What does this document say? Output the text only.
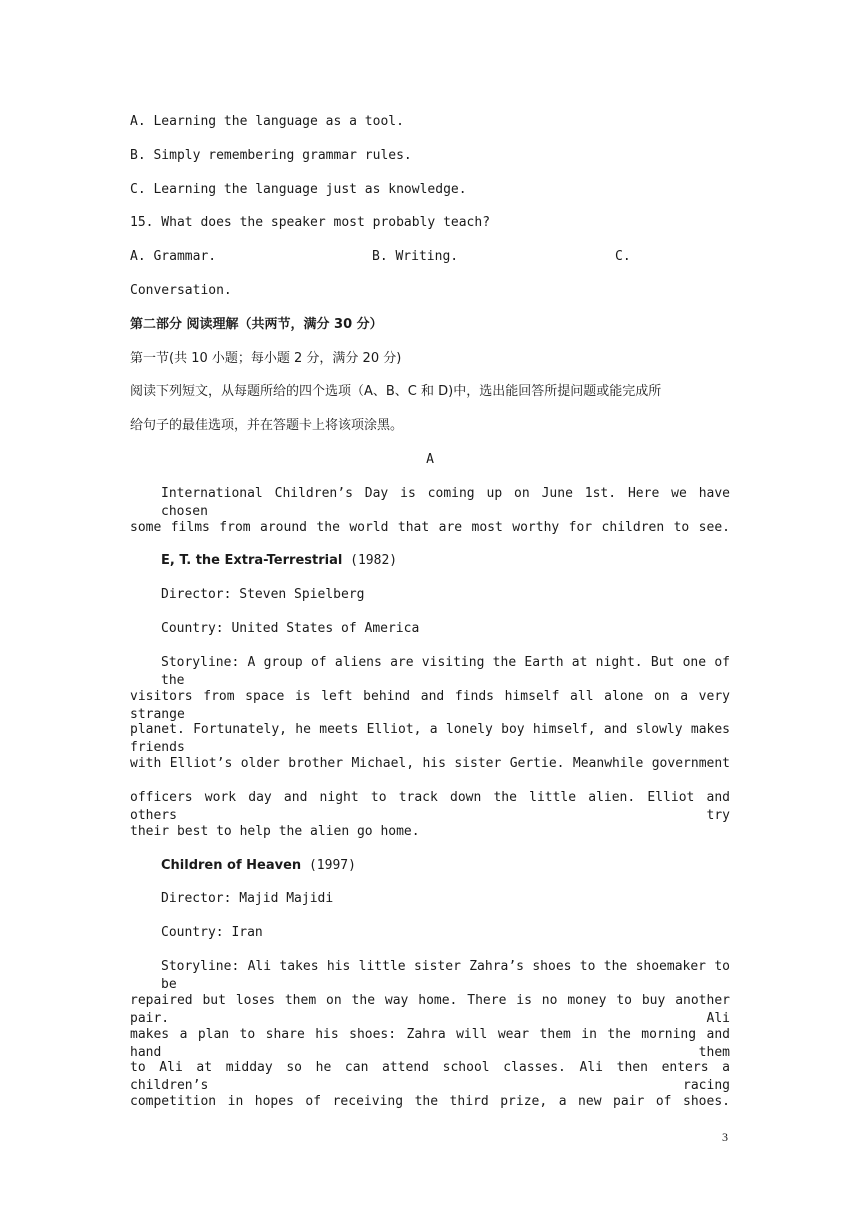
A. Learning the language as a tool.
B. Simply remembering grammar rules.
C. Learning the language just as knowledge.
15. What does the speaker most probably teach?
A. Grammar.	B. Writing.	C.
Conversation.
第二部分 阅读理解（共两节，满分 30 分）
第一节(共 10 小题；每小题 2 分，满分 20 分)
阅读下列短文，从每题所给的四个选项（A、B、C 和 D)中，选出能回答所提问题或能完成所
给句子的最佳选项，并在答题卡上将该项涂黑。
A
International Children’s Day is coming up on June 1st. Here we have chosen
some films from around the world that are most worthy for children to see.
E, T. the Extra-Terrestrial (1982)
Director: Steven Spielberg
Country: United States of America
Storyline: A group of aliens are visiting the Earth at night. But one of the
visitors from space is left behind and finds himself all alone on a very strange
planet. Fortunately, he meets Elliot, a lonely boy himself, and slowly makes friends
with Elliot’s older brother Michael, his sister Gertie. Meanwhile government
officers work day and night to track down the little alien. Elliot and others try
their best to help the alien go home.
Children of Heaven (1997)
Director: Majid Majidi
Country: Iran
Storyline: Ali takes his little sister Zahra’s shoes to the shoemaker to be
repaired but loses them on the way home. There is no money to buy another pair. Ali
makes a plan to share his shoes: Zahra will wear them in the morning and hand them
to Ali at midday so he can attend school classes. Ali then enters a children’s racing
competition in hopes of receiving the third prize, a new pair of shoes.
3
